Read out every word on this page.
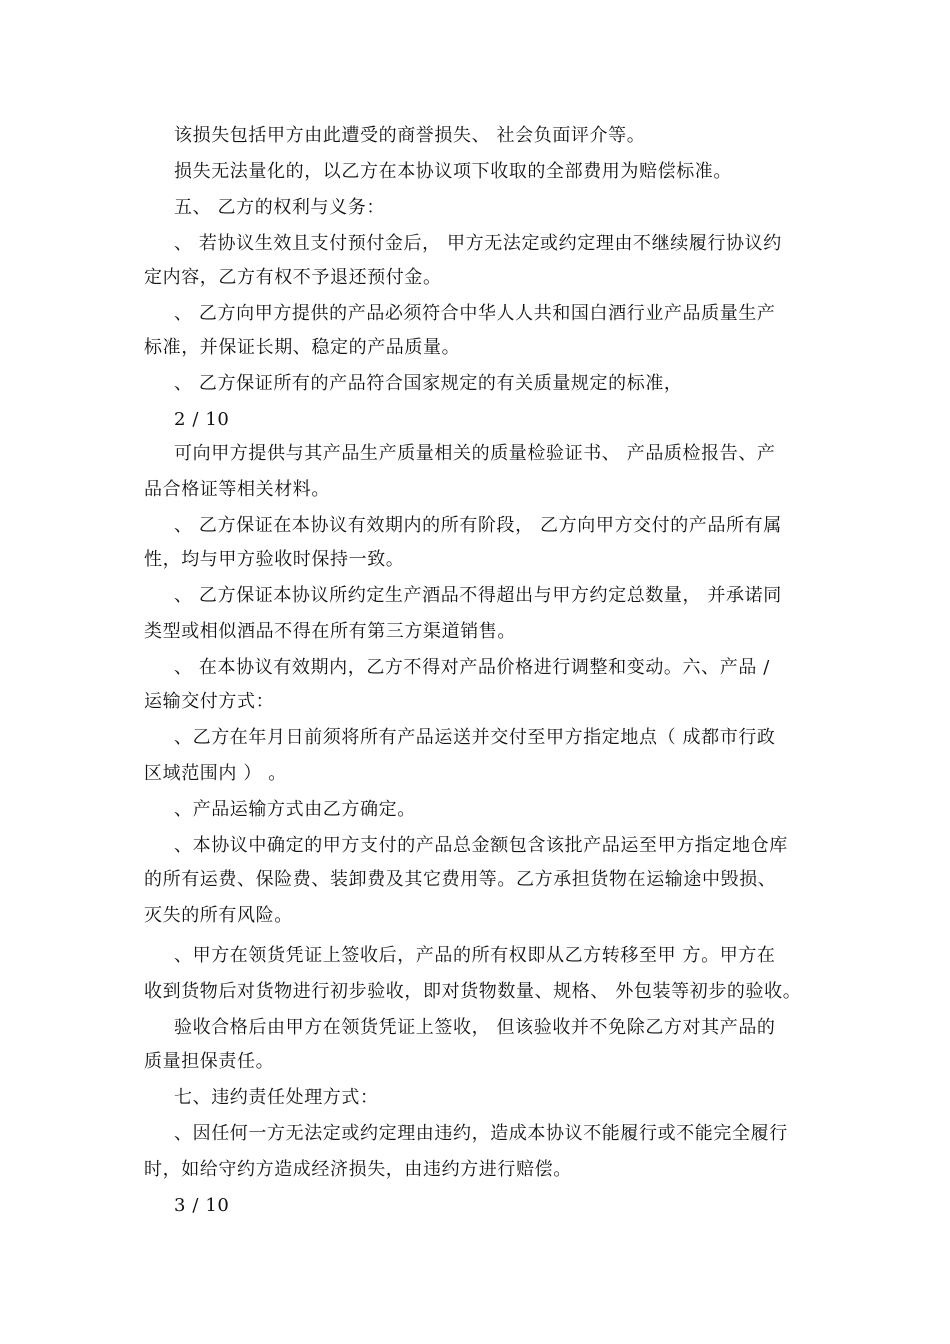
该损失包括甲方由此遭受的商誉损失、 社会负面评介等。
损失无法量化的，以乙方在本协议项下收取的全部费用为赔偿标准。
五、 乙方的权利与义务：
、 若协议生效且支付预付金后， 甲方无法定或约定理由不继续履行协议约
定内容，乙方有权不予退还预付金。
、 乙方向甲方提供的产品必须符合中华人人共和国白酒行业产品质量生产
标准，并保证长期、稳定的产品质量。
、 乙方保证所有的产品符合国家规定的有关质量规定的标准，
2 / 10
可向甲方提供与其产品生产质量相关的质量检验证书、 产品质检报告、产
品合格证等相关材料。
、 乙方保证在本协议有效期内的所有阶段， 乙方向甲方交付的产品所有属
性，均与甲方验收时保持一致。
、 乙方保证本协议所约定生产酒品不得超出与甲方约定总数量， 并承诺同
类型或相似酒品不得在所有第三方渠道销售。
、 在本协议有效期内，乙方不得对产品价格进行调整和变动。六、产品 /
运输交付方式：
、乙方在年月日前须将所有产品运送并交付至甲方指定地点（ 成都市行政
区域范围内 ） 。
、产品运输方式由乙方确定。
、本协议中确定的甲方支付的产品总金额包含该批产品运至甲方指定地仓库
的所有运费、保险费、装卸费及其它费用等。乙方承担货物在运输途中毁损、
灭失的所有风险。
、甲方在领货凭证上签收后，产品的所有权即从乙方转移至甲 方。甲方在
收到货物后对货物进行初步验收，即对货物数量、规格、 外包装等初步的验收。
验收合格后由甲方在领货凭证上签收， 但该验收并不免除乙方对其产品的
质量担保责任。
七、违约责任处理方式：
、因任何一方无法定或约定理由违约，造成本协议不能履行或不能完全履行
时，如给守约方造成经济损失，由违约方进行赔偿。
3 / 10
